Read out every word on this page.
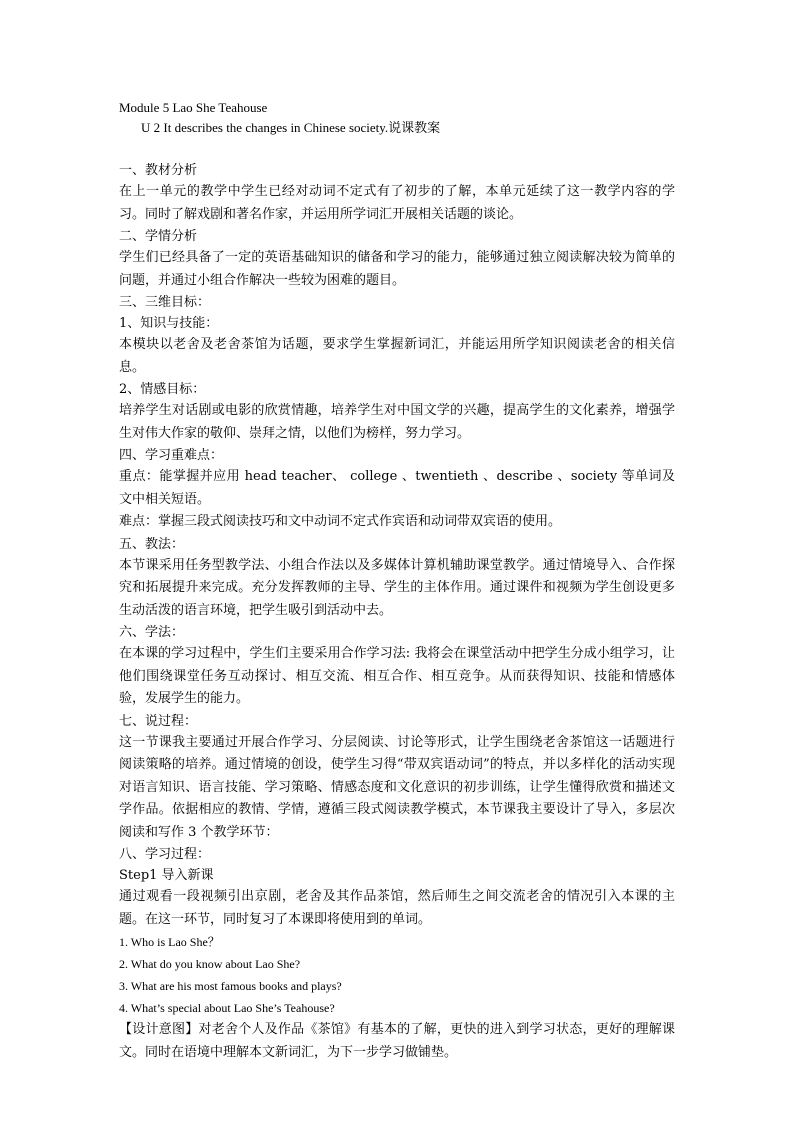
Module 5 Lao She Teahouse
U 2 It describes the changes in Chinese society.说课教案
一、教材分析
在上一单元的教学中学生已经对动词不定式有了初步的了解，本单元延续了这一教学内容的学习。同时了解戏剧和著名作家，并运用所学词汇开展相关话题的谈论。
二、学情分析
学生们已经具备了一定的英语基础知识的储备和学习的能力，能够通过独立阅读解决较为简单的问题，并通过小组合作解决一些较为困难的题目。
三、三维目标：
1、知识与技能：
本模块以老舍及老舍茶馆为话题，要求学生掌握新词汇，并能运用所学知识阅读老舍的相关信息。
2、情感目标：
培养学生对话剧或电影的欣赏情趣，培养学生对中国文学的兴趣，提高学生的文化素养，增强学生对伟大作家的敬仰、崇拜之情，以他们为榜样，努力学习。
四、学习重难点：
重点：能掌握并应用 head teacher、 college 、twentieth 、describe 、society 等单词及文中相关短语。
难点：掌握三段式阅读技巧和文中动词不定式作宾语和动词带双宾语的使用。
五、教法：
本节课采用任务型教学法、小组合作法以及多媒体计算机辅助课堂教学。通过情境导入、合作探究和拓展提升来完成。充分发挥教师的主导、学生的主体作用。通过课件和视频为学生创设更多生动活泼的语言环境，把学生吸引到活动中去。
六、学法：
在本课的学习过程中，学生们主要采用合作学习法: 我将会在课堂活动中把学生分成小组学习，让他们围绕课堂任务互动探讨、相互交流、相互合作、相互竞争。从而获得知识、技能和情感体验，发展学生的能力。
七、说过程：
这一节课我主要通过开展合作学习、分层阅读、讨论等形式，让学生围绕老舍茶馆这一话题进行阅读策略的培养。通过情境的创设，使学生习得“带双宾语动词”的特点，并以多样化的活动实现对语言知识、语言技能、学习策略、情感态度和文化意识的初步训练，让学生懂得欣赏和描述文学作品。依据相应的教情、学情，遵循三段式阅读教学模式，本节课我主要设计了导入，多层次阅读和写作 3 个教学环节：
八、学习过程：
Step1 导入新课
通过观看一段视频引出京剧，老舍及其作品茶馆，然后师生之间交流老舍的情况引入本课的主题。在这一环节，同时复习了本课即将使用到的单词。
1. Who is Lao She？
2. What do you know about Lao She?
3. What are his most famous books and plays?
4. What’s special about Lao She’s Teahouse?
【设计意图】对老舍个人及作品《茶馆》有基本的了解，更快的进入到学习状态，更好的理解课文。同时在语境中理解本文新词汇，为下一步学习做铺垫。
